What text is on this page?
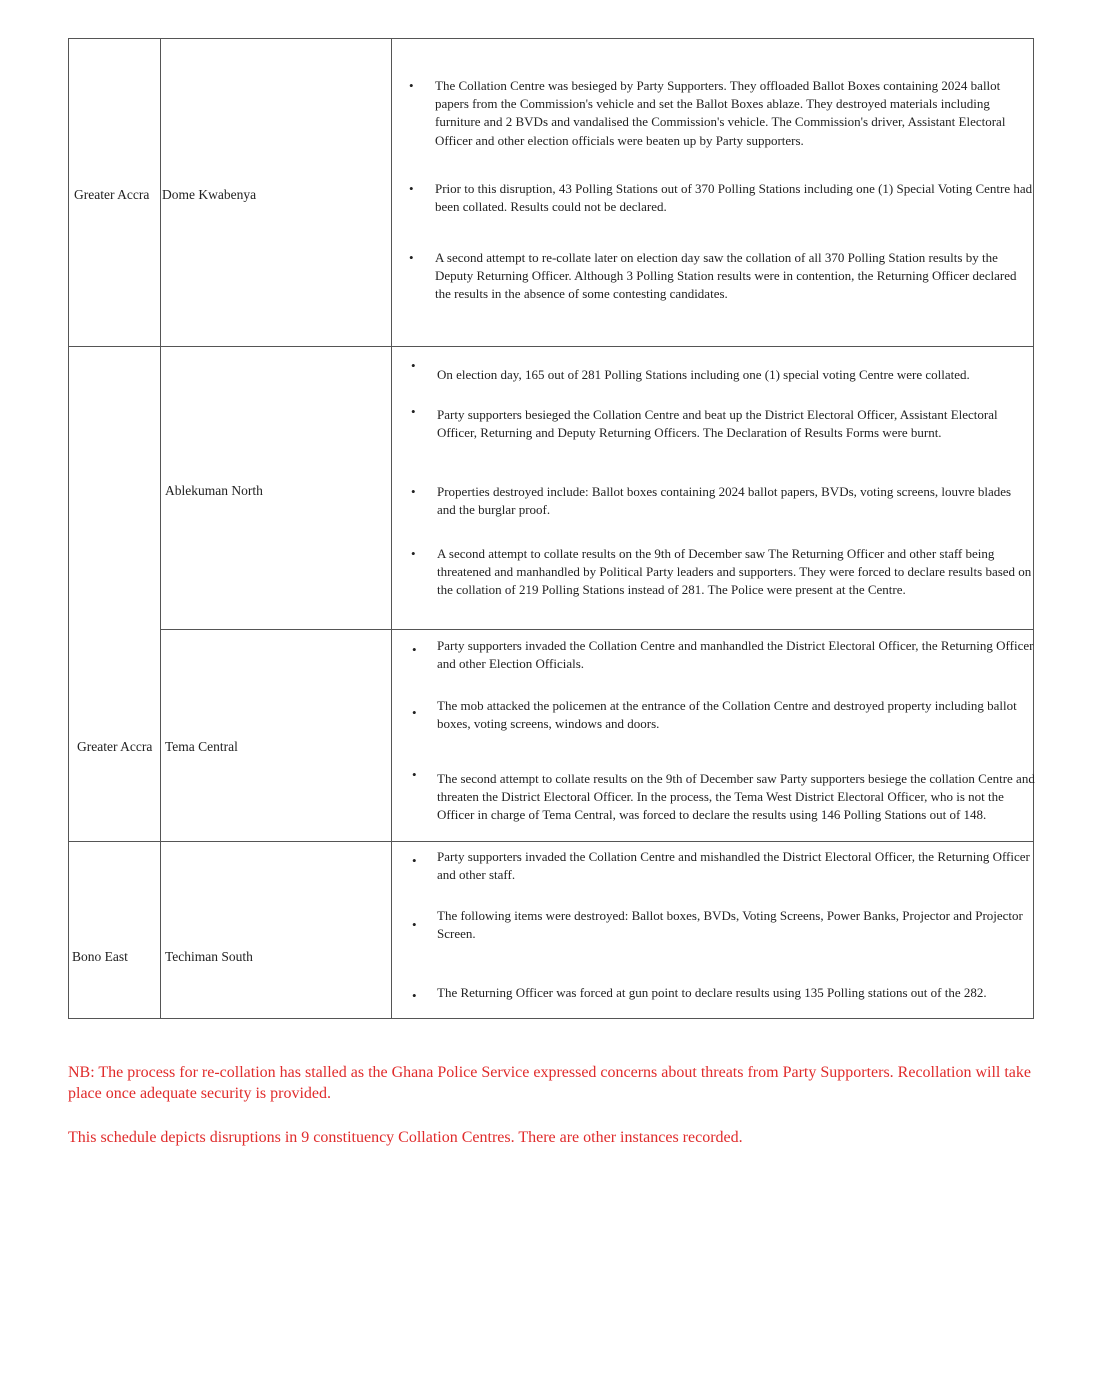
Greater Accra Dome Kwabenya
• The Collation Centre was besieged by Party Supporters. They offloaded Ballot Boxes containing 2024 ballot papers from the Commission's vehicle and set the Ballot Boxes ablaze. They destroyed materials including furniture and 2 BVDs and vandalised the Commission's vehicle. The Commission's driver, Assistant Electoral Officer and other election officials were beaten up by Party supporters.
• Prior to this disruption, 43 Polling Stations out of 370 Polling Stations including one (1) Special Voting Centre had been collated. Results could not be declared.
• A second attempt to re-collate later on election day saw the collation of all 370 Polling Station results by the Deputy Returning Officer. Although 3 Polling Station results were in contention, the Returning Officer declared the results in the absence of some contesting candidates.
Ablekuman North
•
On election day, 165 out of 281 Polling Stations including one (1) special voting Centre were collated.
• Party supporters besieged the Collation Centre and beat up the District Electoral Officer, Assistant Electoral Officer, Returning and Deputy Returning Officers. The Declaration of Results Forms were burnt.
• Properties destroyed include: Ballot boxes containing 2024 ballot papers, BVDs, voting screens, louvre blades and the burglar proof.
• A second attempt to collate results on the 9th of December saw The Returning Officer and other staff being threatened and manhandled by Political Party leaders and supporters. They were forced to declare results based on the collation of 219 Polling Stations instead of 281. The Police were present at the Centre.
Greater Accra Tema Central
• Party supporters invaded the Collation Centre and manhandled the District Electoral Officer, the Returning Officer and other Election Officials.
• The mob attacked the policemen at the entrance of the Collation Centre and destroyed property including ballot boxes, voting screens, windows and doors.
• The second attempt to collate results on the 9th of December saw Party supporters besiege the collation Centre and threaten the District Electoral Officer. In the process, the Tema West District Electoral Officer, who is not the Officer in charge of Tema Central, was forced to declare the results using 146 Polling Stations out of 148.
Bono East	Techiman South
• Party supporters invaded the Collation Centre and mishandled the District Electoral Officer, the Returning Officer and other staff.
•
The following items were destroyed: Ballot boxes, BVDs, Voting Screens, Power Banks, Projector and Projector Screen.
• The Returning Officer was forced at gun point to declare results using 135 Polling stations out of the 282.
NB: The process for re-collation has stalled as the Ghana Police Service expressed concerns about threats from Party Supporters. Recollation will take place once adequate security is provided.
This schedule depicts disruptions in 9 constituency Collation Centres. There are other instances recorded.
